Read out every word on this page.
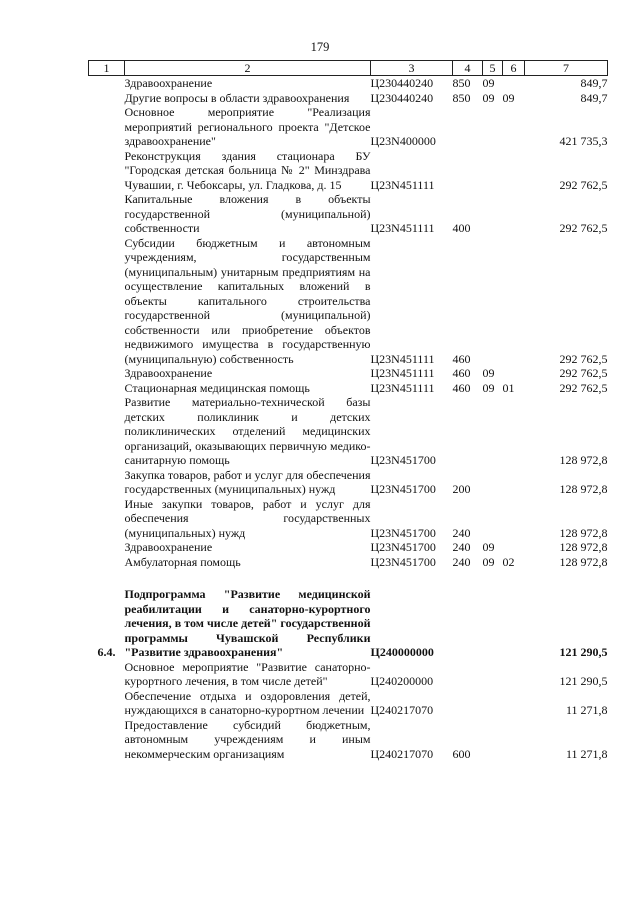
179
1	2	3	4	5	6	7
	Здравоохранение	Ц230440240	850	09		849,7
	Другие вопросы в области здравоохранения	Ц230440240	850	09	09	849,7
	Основное мероприятие "Реализация мероприятий регионального проекта "Детское здравоохранение"	Ц23N400000				421 735,3
	Реконструкция здания стационара БУ "Городская детская больница № 2" Минздрава Чувашии, г. Чебоксары, ул. Гладкова, д. 15	Ц23N451111				292 762,5
	Капитальные вложения в объекты государственной (муниципальной) собственности	Ц23N451111	400			292 762,5
	Субсидии бюджетным и автономным учреждениям, государственным (муниципальным) унитарным предприятиям на осуществление капитальных вложений в объекты капитального строительства государственной (муниципальной) собственности или приобретение объектов недвижимого имущества в государственную (муниципальную) собственность	Ц23N451111	460			292 762,5
	Здравоохранение	Ц23N451111	460	09		292 762,5
	Стационарная медицинская помощь	Ц23N451111	460	09	01	292 762,5
	Развитие материально-технической базы детских поликлиник и детских поликлинических отделений медицинских организаций, оказывающих первичную медико-санитарную помощь	Ц23N451700				128 972,8
	Закупка товаров, работ и услуг для обеспечения государственных (муниципальных) нужд	Ц23N451700	200			128 972,8
	Иные закупки товаров, работ и услуг для обеспечения государственных (муниципальных) нужд	Ц23N451700	240			128 972,8
	Здравоохранение	Ц23N451700	240	09		128 972,8
	Амбулаторная помощь	Ц23N451700	240	09	02	128 972,8

6.4.	Подпрограмма "Развитие медицинской реабилитации и санаторно-курортного лечения, в том числе детей" государственной программы Чувашской Республики "Развитие здравоохранения"	Ц240000000				121 290,5
	Основное мероприятие "Развитие санаторно-курортного лечения, в том числе детей"	Ц240200000				121 290,5
	Обеспечение отдыха и оздоровления детей, нуждающихся в санаторно-курортном лечении	Ц240217070				11 271,8
	Предоставление субсидий бюджетным, автономным учреждениям и иным некоммерческим организациям	Ц240217070	600			11 271,8
